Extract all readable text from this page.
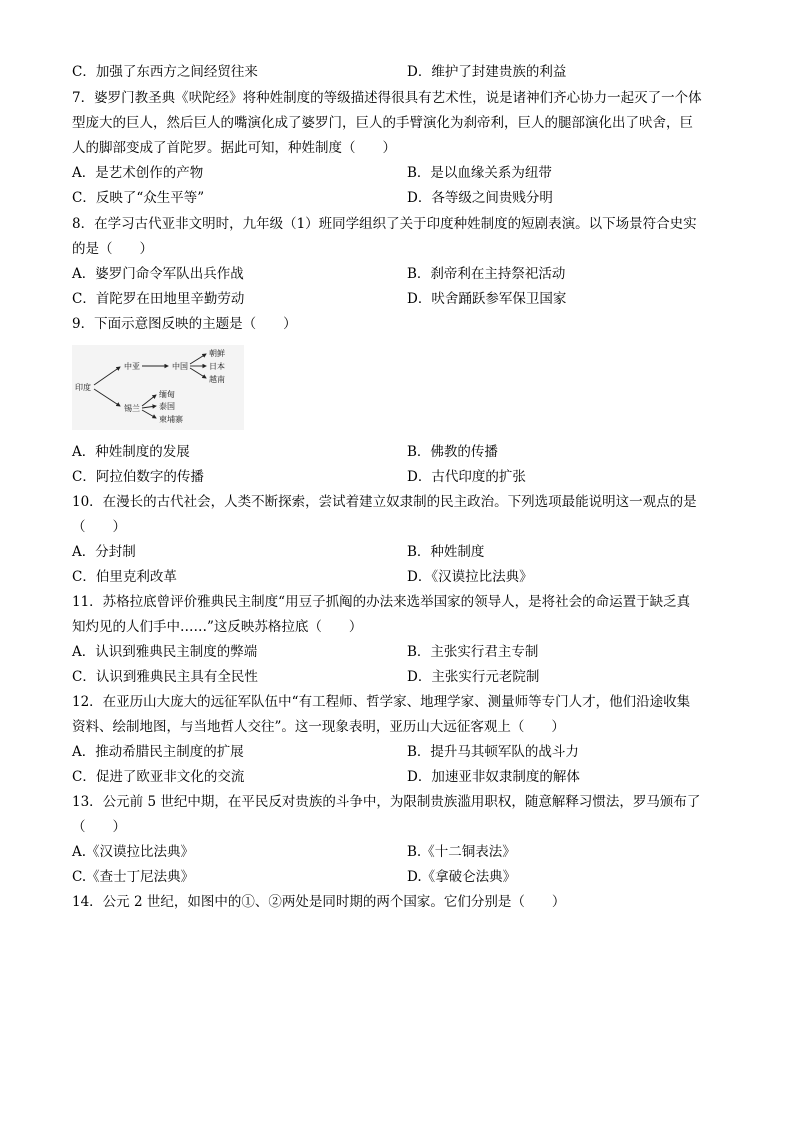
C．加强了东西方之间经贸往来	D．维护了封建贵族的利益
7．婆罗门教圣典《吠陀经》将种姓制度的等级描述得很具有艺术性，说是诸神们齐心协力一起灭了一个体
型庞大的巨人，然后巨人的嘴演化成了婆罗门，巨人的手臂演化为刹帝利，巨人的腿部演化出了吠舍，巨
人的脚部变成了首陀罗。据此可知，种姓制度（　　）
A．是艺术创作的产物	B．是以血缘关系为纽带
C．反映了“众生平等”	D．各等级之间贵贱分明
8．在学习古代亚非文明时，九年级（1）班同学组织了关于印度种姓制度的短剧表演。以下场景符合史实
的是（　　）
A．婆罗门命令军队出兵作战	B．刹帝利在主持祭祀活动
C．首陀罗在田地里辛勤劳动	D．吠舍踊跃参军保卫国家
9．下面示意图反映的主题是（　　）
印度
中亚	中国
朝鲜
日本
越南
锡兰
缅甸
泰国
柬埔寨
A．种姓制度的发展	B．佛教的传播
C．阿拉伯数字的传播	D．古代印度的扩张
10．在漫长的古代社会，人类不断探索，尝试着建立奴隶制的民主政治。下列选项最能说明这一观点的是
（　　）
A．分封制	B．种姓制度
C．伯里克利改革	D．《汉谟拉比法典》
11．苏格拉底曾评价雅典民主制度“用豆子抓阄的办法来选举国家的领导人，是将社会的命运置于缺乏真
知灼见的人们手中……”这反映苏格拉底（　　）
A．认识到雅典民主制度的弊端	B．主张实行君主专制
C．认识到雅典民主具有全民性	D．主张实行元老院制
12．在亚历山大庞大的远征军队伍中“有工程师、哲学家、地理学家、测量师等专门人才，他们沿途收集
资料、绘制地图，与当地哲人交往”。这一现象表明，亚历山大远征客观上（　　）
A．推动希腊民主制度的扩展	B．提升马其顿军队的战斗力
C．促进了欧亚非文化的交流	D．加速亚非奴隶制度的解体
13．公元前 5 世纪中期，在平民反对贵族的斗争中，为限制贵族滥用职权，随意解释习惯法，罗马颁布了
（　　）
A.《汉谟拉比法典》	B.《十二铜表法》
C.《查士丁尼法典》	D.《拿破仑法典》
14．公元 2 世纪，如图中的①、②两处是同时期的两个国家。它们分别是（　　）
